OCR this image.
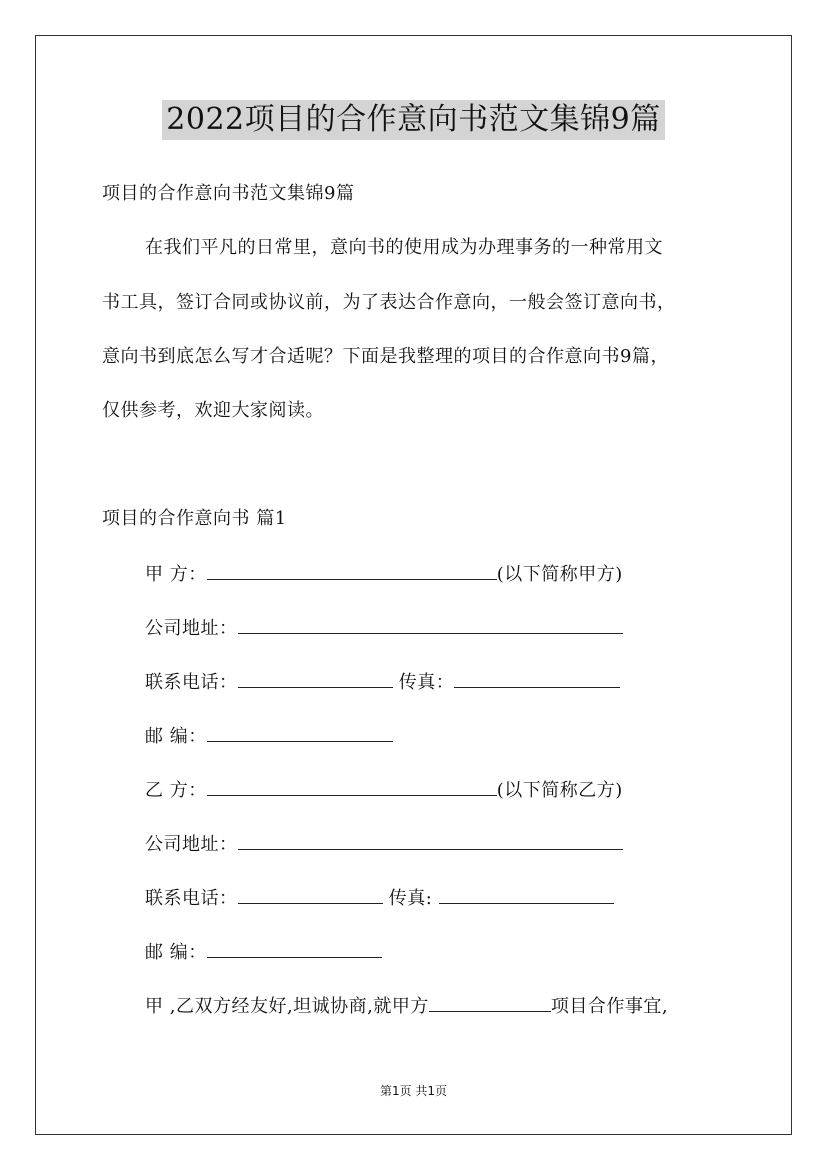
2022项目的合作意向书范文集锦9篇
项目的合作意向书范文集锦9篇
在我们平凡的日常里，意向书的使用成为办理事务的一种常用文
书工具，签订合同或协议前，为了表达合作意向，一般会签订意向书，
意向书到底怎么写才合适呢？下面是我整理的项目的合作意向书9篇，
仅供参考，欢迎大家阅读。
项目的合作意向书 篇1
甲 方：	(以下简称甲方)
公司地址：
联系电话：	传真：
邮 编：
乙 方：	(以下简称乙方)
公司地址：
联系电话：	传真:
邮 编：
甲 ,乙双方经友好,坦诚协商,就甲方	项目合作事宜,
第1页 共1页
